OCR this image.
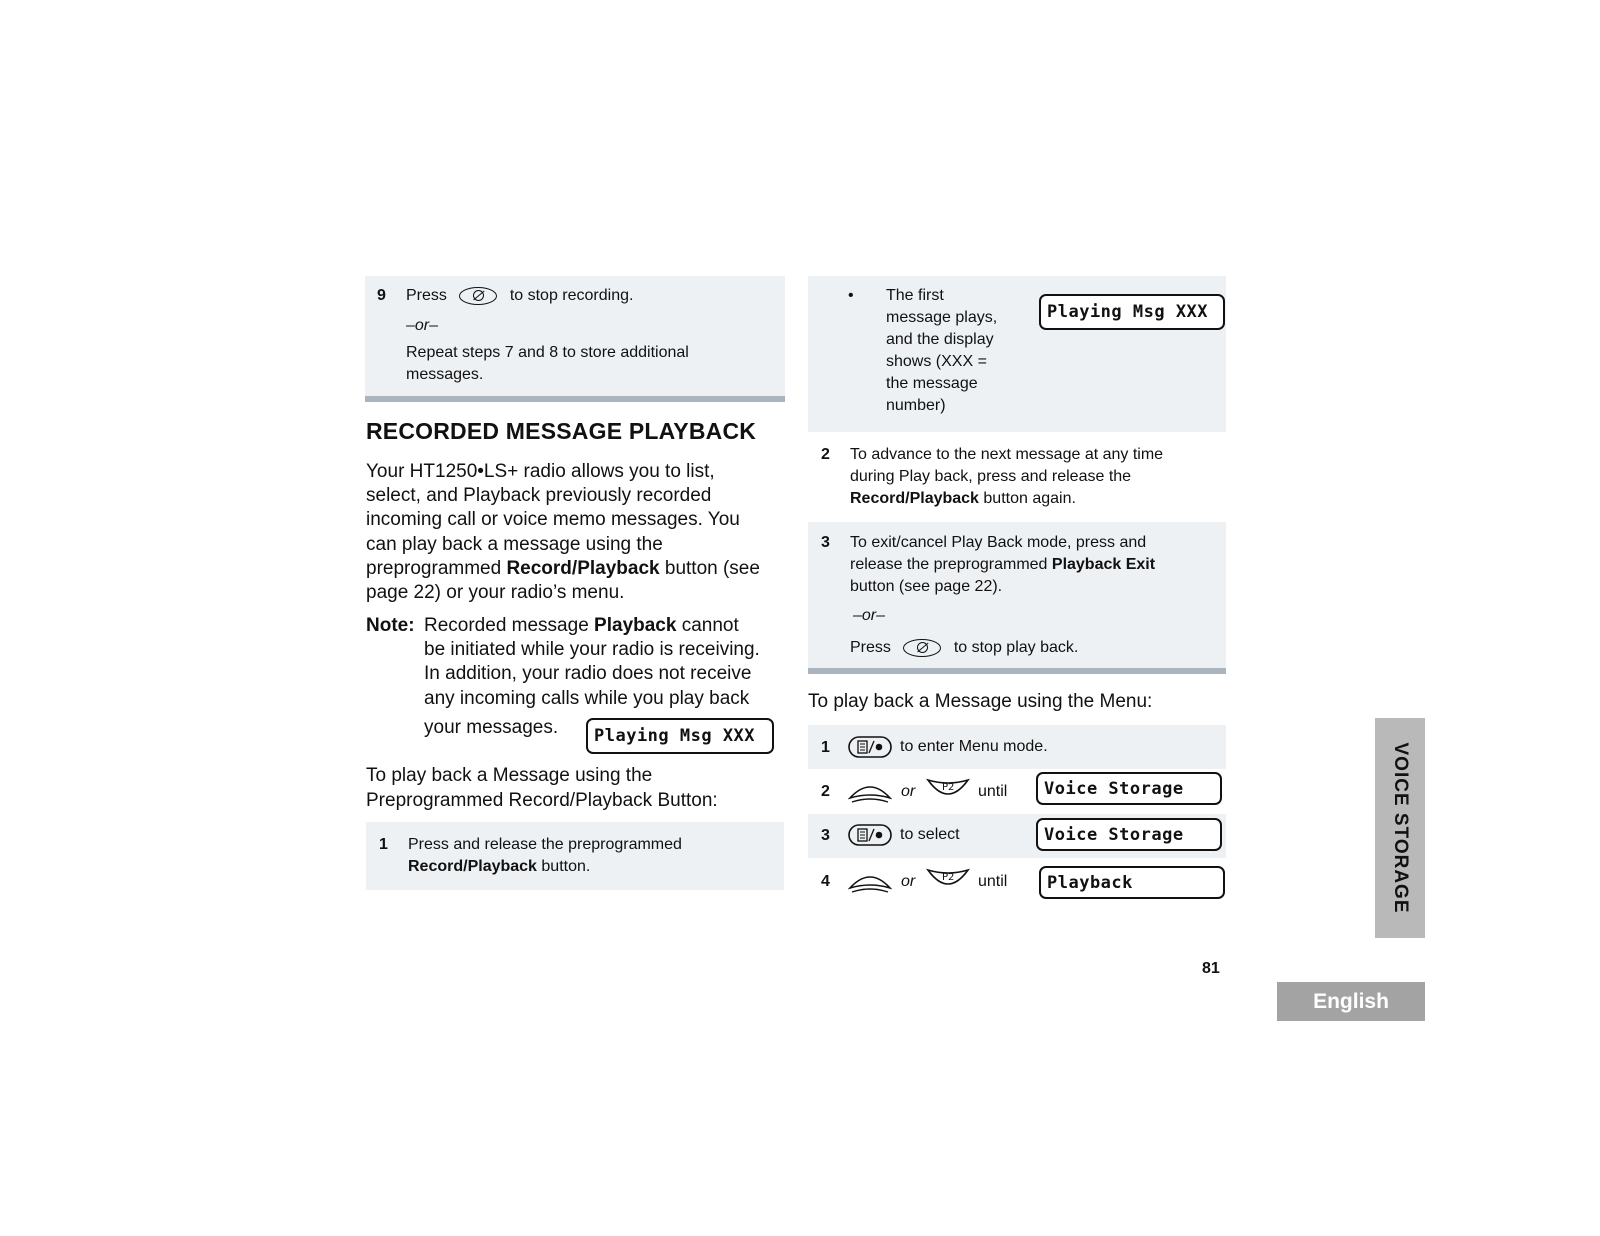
9 Press	to stop recording.
–or–
Repeat steps 7 and 8 to store additional
messages.
RECORDED MESSAGE PLAYBACK
Your HT1250•LS+ radio allows you to list,
select, and Playback previously recorded
incoming call or voice memo messages. You
can play back a message using the
preprogrammed Record/Playback button (see
page 22) or your radio’s menu.
Note: Recorded message Playback cannot
be initiated while your radio is receiving.
In addition, your radio does not receive
any incoming calls while you play back
your messages.	Playing Msg XXX
To play back a Message using the
Preprogrammed Record/Playback Button:
1 Press and release the preprogrammed
Record/Playback button.
• The first
message plays,
and the display
shows (XXX =
the message
number)
Playing Msg XXX
2 To advance to the next message at any time
during Play back, press and release the
Record/Playback button again.
3 To exit/cancel Play Back mode, press and
release the preprogrammed Playback Exit
button (see page 22).
–or–
Press	to stop play back.
To play back a Message using the Menu:
1	to enter Menu mode.
2	or	P2 until	Voice Storage
3	to select	Voice Storage
4	or	P2 until	Playback
81
VOICE STORAGE
English
